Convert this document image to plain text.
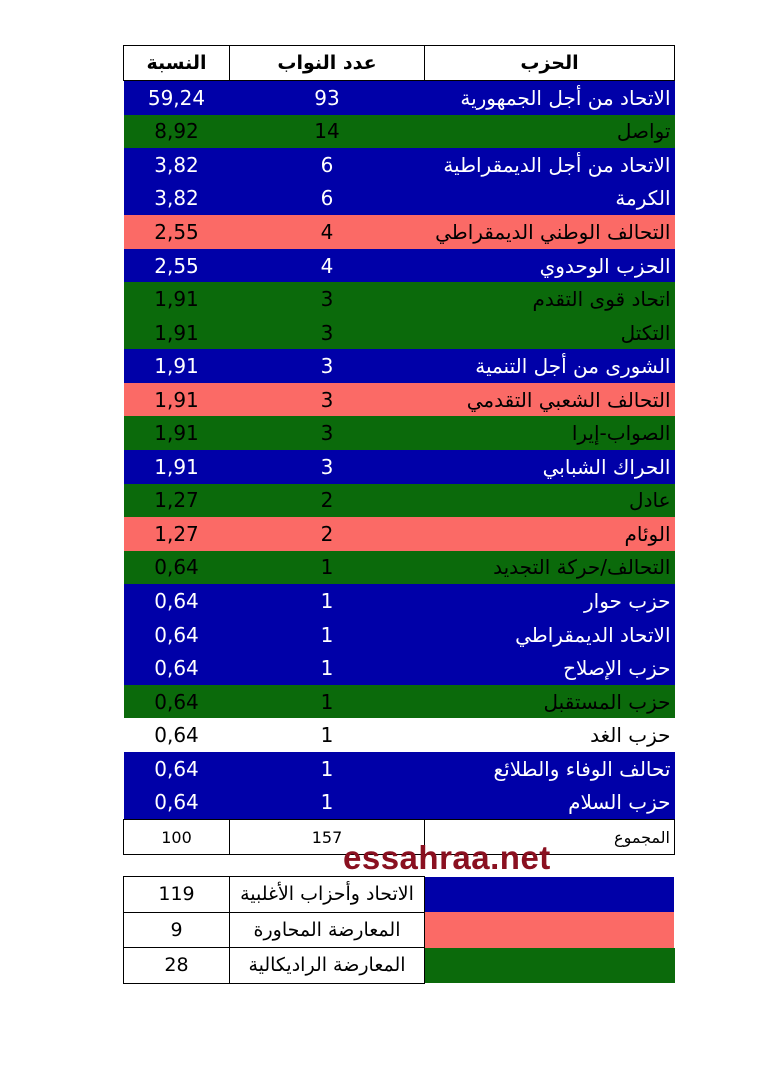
النسبة	عدد النواب	الحزب
59,24	93	الاتحاد من أجل الجمهورية
8,92	14	تواصل
3,82	6	الاتحاد من أجل الديمقراطية
3,82	6	الكرمة
2,55	4	التحالف الوطني الديمقراطي
2,55	4	الحزب الوحدوي
1,91	3	اتحاد قوى التقدم
1,91	3	التكتل
1,91	3	الشورى من أجل التنمية
1,91	3	التحالف الشعبي التقدمي
1,91	3	الصواب-إيرا
1,91	3	الحراك الشبابي
1,27	2	عادل
1,27	2	الوئام
0,64	1	التحالف/حركة التجديد
0,64	1	حزب حوار
0,64	1	الاتحاد الديمقراطي
0,64	1	حزب الإصلاح
0,64	1	حزب المستقبل
0,64	1	حزب الغد
0,64	1	تحالف الوفاء والطلائع
0,64	1	حزب السلام
100	157	المجموع
essahraa.net
119	الاتحاد وأحزاب الأغلبية	
9	المعارضة المحاورة	
28	المعارضة الراديكالية	
